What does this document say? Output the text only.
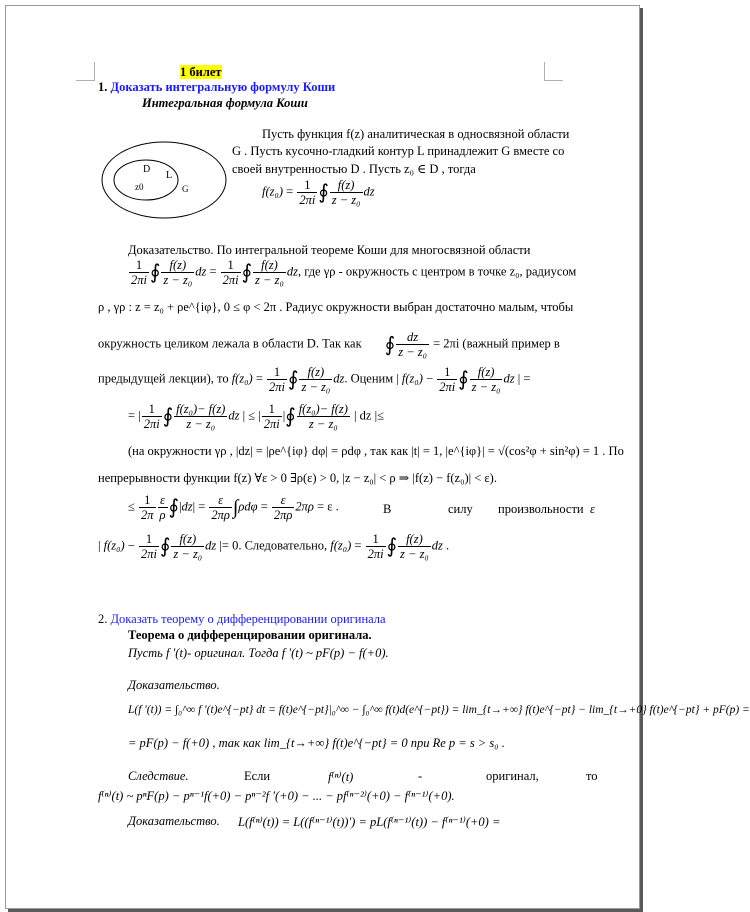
1 билет
1. Доказать интегральную формулу Коши
Интегральная формула Коши
D
L
z0	G
Пусть функция f(z) аналитическая в односвязной области
G . Пусть кусочно-гладкий контур L принадлежит G вместе со
своей внутренностью D . Пусть z₀ ∈ D , тогда
$f(z_0) = \frac{1}{2\pi i}$ ∮ $\frac{f(z)}{\text{z − z₀}}$ dz
Доказательство. По интегральной теореме Коши для многосвязной области
$\frac{1}{2\pi i}$ ∮ $\frac{f(z)}{\text{z − z₀}}$ dz = $\frac{1}{2\pi i}$ ∮ $\frac{f(z)}{\text{z − z₀}}$ dz, где γρ - окружность с центром в точке z₀, радиусом
ρ , γρ : z = z₀ + ρe^{iφ}, 0 ≤ φ < 2π . Радиус окружности выбран достаточно малым, чтобы
окружность целиком лежала в области D. Так как ∮ $\frac{dz}{\text{z − z₀}} = 2\pi i$ (важный пример в
предыдущей лекции), то $f(z_0) = \frac{1}{2\pi i}$ ∮ $\frac{f(z)}{\text{z − z₀}}$ dz. Оценим | $f(z_0) - \frac{1}{2\pi i}$ ∮ $\frac{f(z)}{\text{z − z₀}}$ dz | =
= | $\frac{1}{2\pi i}$ ∮ $\frac{\text{f(z₀)− f(z)}}{\text{z − z₀}}$ dz | ≤ | $\frac{1}{2\pi i}$ |∮ $\frac{\text{f(z₀)− f(z)}}{\text{z − z₀}}$ | dz |≤
(на окружности γρ , |dz| = |ρe^{iφ} dφ| = ρdφ , так как |t| = 1, |e^{iφ}| = √(cos²φ + sin²φ) = 1 . По
непрерывности функции f(z) ∀ε > 0 ∃ρ(ε) > 0, |z − z₀| < ρ ⇒ |f(z) − f(z₀)| < ε).
≤ $\frac{1}{2\pi} \frac{\varepsilon}{\rho}$ ∮|dz| = $\frac{\varepsilon}{2\pi\rho} \int\rho d\varphi = \frac{\varepsilon}{2\pi\rho} 2\pi\rho = \varepsilon$ .	В	силу произвольности ε
| $f(z_0) - \frac{1}{2\pi i}$ ∮ $\frac{f(z)}{\text{z − z₀}}$ dz |= 0. Следовательно, $f(z_0) = \frac{1}{2\pi i}$ ∮ $\frac{f(z)}{\text{z − z₀}}$ dz .
2. Доказать теорему о дифференцировании оригинала
Теорема о дифференцировании оригинала.
Пусть f ′(t)- оригинал. Тогда f ′(t) ~ pF(p) − f(+0).
Доказательство.
L(f ′(t)) = ∫₀^∞ f ′(t)e^{−pt} dt = f(t)e^{−pt}|₀^∞ − ∫₀^∞ f(t)d(e^{−pt}) = lim_{t→+∞} f(t)e^{−pt} − lim_{t→+0} f(t)e^{−pt} + pF(p) =
= pF(p) − f(+0) , так как lim_{t→+∞} f(t)e^{−pt} = 0 при Re p = s > s₀ .
Следствие.	Если	f⁽ⁿ⁾(t)	-	оригинал,	то
f⁽ⁿ⁾(t) ~ pⁿF(p) − pⁿ⁻¹f(+0) − pⁿ⁻²f ′(+0) − ... − pf⁽ⁿ⁻²⁾(+0) − f⁽ⁿ⁻¹⁾(+0).
Доказательство. L(f⁽ⁿ⁾(t)) = L((f⁽ⁿ⁻¹⁾(t))′) = pL(f⁽ⁿ⁻¹⁾(t)) − f⁽ⁿ⁻¹⁾(+0) =
